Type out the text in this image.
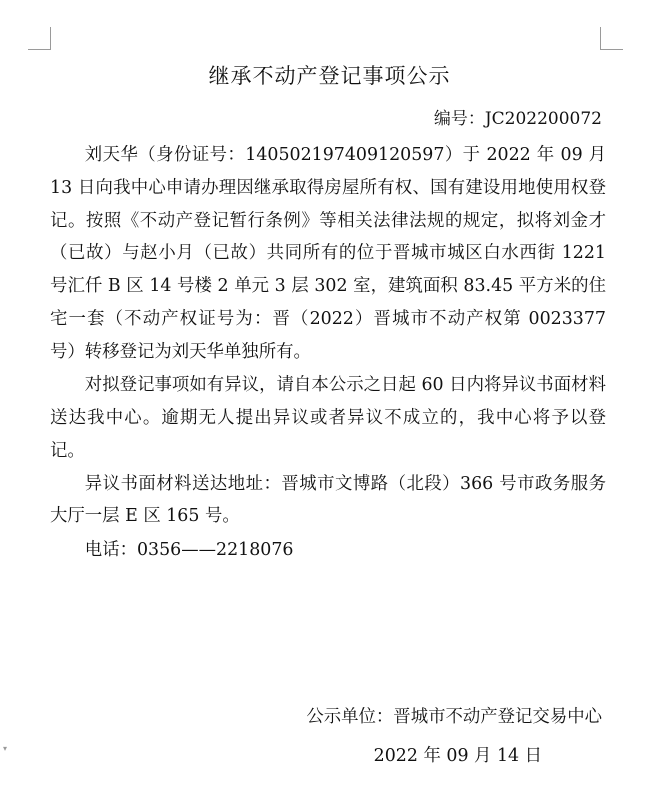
▾
继承不动产登记事项公示
编号：JC202200072

刘天华（身份证号：140502197409120597）于 2022 年 09 月 13 日向我中心申请办理因继承取得房屋所有权、国有建设用地使用权登记。按照《不动产登记暂行条例》等相关法律法规的规定，拟将刘金才（已故）与赵小月（已故）共同所有的位于晋城市城区白水西街 1221 号汇仟 B 区 14 号楼 2 单元 3 层 302 室，建筑面积 83.45 平方米的住宅一套（不动产权证号为：晋（2022）晋城市不动产权第 0023377 号）转移登记为刘天华单独所有。

对拟登记事项如有异议，请自本公示之日起 60 日内将异议书面材料送达我中心。逾期无人提出异议或者异议不成立的，我中心将予以登记。

异议书面材料送达地址：晋城市文博路（北段）366 号市政务服务大厅一层 E 区 165 号。

电话：0356——2218076

公示单位：晋城市不动产登记交易中心
2022 年 09 月 14 日
